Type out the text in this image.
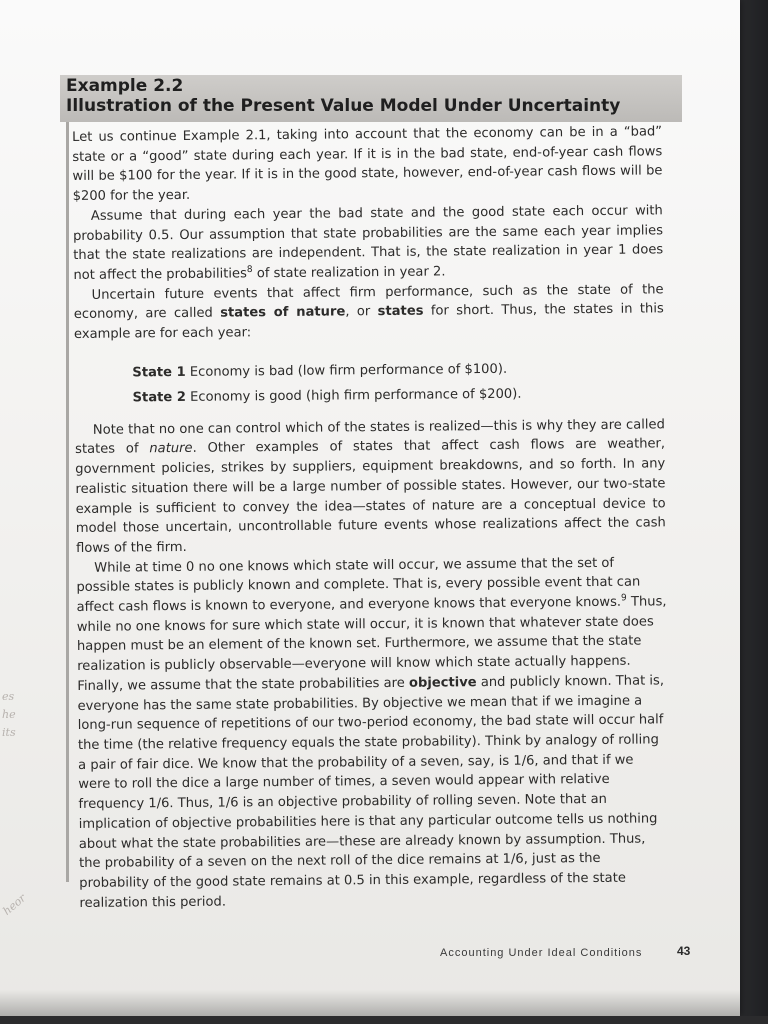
es
he
its
heor
Example 2.2
Illustration of the Present Value Model Under Uncertainty

Let us continue Example 2.1, taking into account that the economy can be in a “bad” state or a “good” state during each year. If it is in the bad state, end-of-year cash flows will be $100 for the year. If it is in the good state, however, end-of-year cash flows will be $200 for the year.

Assume that during each year the bad state and the good state each occur with probability 0.5. Our assumption that state probabilities are the same each year implies that the state realizations are independent. That is, the state realization in year 1 does not affect the probabilities$^8$ of state realization in year 2.

Uncertain future events that affect firm performance, such as the state of the economy, are called states of nature, or states for short. Thus, the states in this example are for each year:

State 1 Economy is bad (low firm performance of $100).
State 2 Economy is good (high firm performance of $200).

Note that no one can control which of the states is realized—this is why they are called states of nature. Other examples of states that affect cash flows are weather, government policies, strikes by suppliers, equipment breakdowns, and so forth. In any realistic situation there will be a large number of possible states. However, our two-state example is sufficient to convey the idea—states of nature are a conceptual device to model those uncertain, uncontrollable future events whose realizations affect the cash flows of the firm.

While at time 0 no one knows which state will occur, we assume that the set of possible states is publicly known and complete. That is, every possible event that can affect cash flows is known to everyone, and everyone knows that everyone knows.$^9$ Thus, while no one knows for sure which state will occur, it is known that whatever state does happen must be an element of the known set. Furthermore, we assume that the state realization is publicly observable—everyone will know which state actually happens. Finally, we assume that the state probabilities are objective and publicly known. That is, everyone has the same state probabilities. By objective we mean that if we imagine a long-run sequence of repetitions of our two-period economy, the bad state will occur half the time (the relative frequency equals the state probability). Think by analogy of rolling a pair of fair dice. We know that the probability of a seven, say, is 1/6, and that if we were to roll the dice a large number of times, a seven would appear with relative frequency 1/6. Thus, 1/6 is an objective probability of rolling seven. Note that an implication of objective probabilities here is that any particular outcome tells us nothing about what the state probabilities are—these are already known by assumption. Thus, the probability of a seven on the next roll of the dice remains at 1/6, just as the probability of the good state remains at 0.5 in this example, regardless of the state realization this period.

Accounting Under Ideal Conditions	43
